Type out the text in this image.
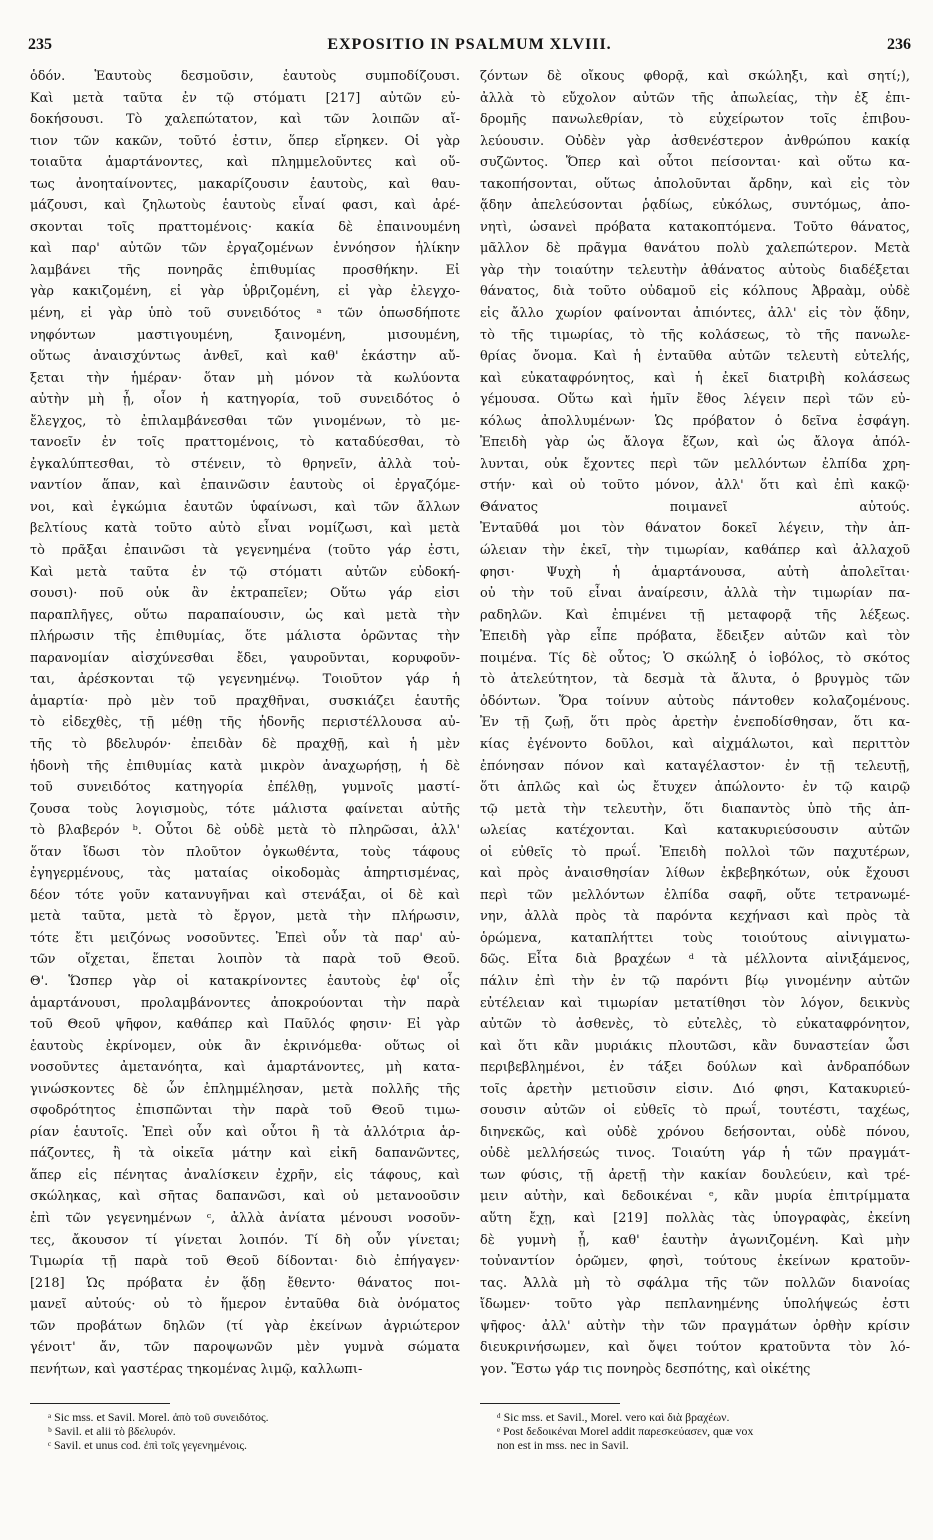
235	EXPOSITIO IN PSALMUM XLVIII.	236
ὁδόν. Ἑαυτοὺς δεσμοῦσιν, ἑαυτοὺς συμποδίζουσι.
Καὶ μετὰ ταῦτα ἐν τῷ στόματι [217] αὐτῶν εὐ-
δοκήσουσι. Τὸ χαλεπώτατον, καὶ τῶν λοιπῶν αἴ-
τιον τῶν κακῶν, τοῦτό ἐστιν, ὅπερ εἴρηκεν. Οἱ γὰρ
τοιαῦτα ἁμαρτάνοντες, καὶ πλημμελοῦντες καὶ οὕ-
τως ἀνοηταίνοντες, μακαρίζουσιν ἑαυτοὺς, καὶ θαυ-
μάζουσι, καὶ ζηλωτοὺς ἑαυτοὺς εἶναί φασι, καὶ ἀρέ-
σκονται τοῖς πραττομένοις· κακία δὲ ἐπαινουμένη
καὶ παρ' αὐτῶν τῶν ἐργαζομένων ἐννόησον ἡλίκην
λαμβάνει τῆς πονηρᾶς ἐπιθυμίας προσθήκην. Εἰ
γὰρ κακιζομένη, εἰ γὰρ ὑβριζομένη, εἰ γὰρ ἐλεγχο-
μένη, εἰ γὰρ ὑπὸ τοῦ συνειδότος ᵃ τῶν ὁπωσδήποτε
νηφόντων μαστιγουμένη, ξαινομένη, μισουμένη,
οὕτως ἀναισχύντως ἀνθεῖ, καὶ καθ' ἑκάστην αὔ-
ξεται τὴν ἡμέραν· ὅταν μὴ μόνον τὰ κωλύοντα
αὐτὴν μὴ ᾖ, οἷον ἡ κατηγορία, τοῦ συνειδότος ὁ
ἔλεγχος, τὸ ἐπιλαμβάνεσθαι τῶν γινομένων, τὸ με-
τανοεῖν ἐν τοῖς πραττομένοις, τὸ καταδύεσθαι, τὸ
ἐγκαλύπτεσθαι, τὸ στένειν, τὸ θρηνεῖν, ἀλλὰ τοὐ-
ναντίον ἅπαν, καὶ ἐπαινῶσιν ἑαυτοὺς οἱ ἐργαζόμε-
νοι, καὶ ἐγκώμια ἑαυτῶν ὑφαίνωσι, καὶ τῶν ἄλλων
βελτίους κατὰ τοῦτο αὐτὸ εἶναι νομίζωσι, καὶ μετὰ
τὸ πρᾶξαι ἐπαινῶσι τὰ γεγενημένα (τοῦτο γάρ ἐστι,
Καὶ μετὰ ταῦτα ἐν τῷ στόματι αὐτῶν εὐδοκή-
σουσι)· ποῦ οὐκ ἂν ἐκτραπεῖεν; Οὕτω γάρ εἰσι
παραπλῆγες, οὕτω παραπαίουσιν, ὡς καὶ μετὰ τὴν
πλήρωσιν τῆς ἐπιθυμίας, ὅτε μάλιστα ὁρῶντας τὴν
παρανομίαν αἰσχύνεσθαι ἔδει, γαυροῦνται, κορυφοῦν-
ται, ἀρέσκονται τῷ γεγενημένῳ. Τοιοῦτον γάρ ἡ
ἁμαρτία· πρὸ μὲν τοῦ πραχθῆναι, συσκιάζει ἑαυτῆς
τὸ εἰδεχθὲς, τῇ μέθῃ τῆς ἡδονῆς περιστέλλουσα αὐ-
τῆς τὸ βδελυρόν· ἐπειδὰν δὲ πραχθῇ, καὶ ἡ μὲν
ἡδονὴ τῆς ἐπιθυμίας κατὰ μικρὸν ἀναχωρήσῃ, ἡ δὲ
τοῦ συνειδότος κατηγορία ἐπέλθῃ, γυμνοῖς μαστί-
ζουσα τοὺς λογισμοὺς, τότε μάλιστα φαίνεται αὐτῆς
τὸ βλαβερόν ᵇ. Οὗτοι δὲ οὐδὲ μετὰ τὸ πληρῶσαι, ἀλλ'
ὅταν ἴδωσι τὸν πλοῦτον ὀγκωθέντα, τοὺς τάφους
ἐγηγερμένους, τὰς ματαίας οἰκοδομὰς ἀπηρτισμένας,
δέον τότε γοῦν κατανυγῆναι καὶ στενάξαι, οἱ δὲ καὶ
μετὰ ταῦτα, μετὰ τὸ ἔργον, μετὰ τὴν πλήρωσιν,
τότε ἔτι μειζόνως νοσοῦντες. Ἐπεὶ οὖν τὰ παρ' αὐ-
τῶν οἴχεται, ἕπεται λοιπὸν τὰ παρὰ τοῦ Θεοῦ.
Θ'. Ὥσπερ γὰρ οἱ κατακρίνοντες ἑαυτοὺς ἐφ' οἷς
ἁμαρτάνουσι, προλαμβάνοντες ἀποκρούονται τὴν παρὰ
τοῦ Θεοῦ ψῆφον, καθάπερ καὶ Παῦλός φησιν· Εἰ γὰρ
ἑαυτοὺς ἐκρίνομεν, οὐκ ἂν ἐκρινόμεθα· οὕτως οἱ
νοσοῦντες ἀμετανόητα, καὶ ἁμαρτάνοντες, μὴ κατα-
γινώσκοντες δὲ ὧν ἐπλημμέλησαν, μετὰ πολλῆς τῆς
σφοδρότητος ἐπισπῶνται τὴν παρὰ τοῦ Θεοῦ τιμω-
ρίαν ἑαυτοῖς. Ἐπεὶ οὖν καὶ οὗτοι ἢ τὰ ἀλλότρια ἁρ-
πάζοντες, ἢ τὰ οἰκεῖα μάτην καὶ εἰκῆ δαπανῶντες,
ἅπερ εἰς πένητας ἀναλίσκειν ἐχρῆν, εἰς τάφους, καὶ
σκώληκας, καὶ σῆτας δαπανῶσι, καὶ οὐ μετανοοῦσιν
ἐπὶ τῶν γεγενημένων ᶜ, ἀλλὰ ἀνίατα μένουσι νοσοῦν-
τες, ἄκουσον τί γίνεται λοιπόν. Τί δὴ οὖν γίνεται;
Τιμωρία τῇ παρὰ τοῦ Θεοῦ δίδονται· διὸ ἐπήγαγεν·
[218] Ὡς πρόβατα ἐν ᾅδῃ ἔθεντο· θάνατος ποι-
μανεῖ αὐτούς· οὐ τὸ ἥμερον ἐνταῦθα διὰ ὀνόματος
τῶν προβάτων δηλῶν (τί γὰρ ἐκείνων ἀγριώτερον
γένοιτ' ἄν, τῶν παροψωνῶν μὲν γυμνὰ σώματα
πενήτων, καὶ γαστέρας τηκομένας λιμῷ, καλλωπι-
ζόντων δὲ οἴκους φθορᾷ, καὶ σκώληξι, καὶ σητί;),
ἀλλὰ τὸ εὔχολον αὐτῶν τῆς ἀπωλείας, τὴν ἐξ ἐπι-
δρομῆς πανωλεθρίαν, τὸ εὐχείρωτον τοῖς ἐπιβου-
λεύουσιν. Οὐδὲν γὰρ ἀσθενέστερον ἀνθρώπου κακίᾳ
συζῶντος. Ὅπερ καὶ οὗτοι πείσονται· καὶ οὕτω κα-
τακοπήσονται, οὕτως ἀπολοῦνται ἄρδην, καὶ εἰς τὸν
ᾅδην ἀπελεύσονται ῥᾳδίως, εὐκόλως, συντόμως, ἀπο-
νητὶ, ὡσανεὶ πρόβατα κατακοπτόμενα. Τοῦτο θάνατος,
μᾶλλον δὲ πρᾶγμα θανάτου πολὺ χαλεπώτερον. Μετὰ
γὰρ τὴν τοιαύτην τελευτὴν ἀθάνατος αὐτοὺς διαδέξεται
θάνατος, διὰ τοῦτο οὐδαμοῦ εἰς κόλπους Ἀβραὰμ, οὐδὲ
εἰς ἄλλο χωρίον φαίνονται ἀπιόντες, ἀλλ' εἰς τὸν ᾅδην,
τὸ τῆς τιμωρίας, τὸ τῆς κολάσεως, τὸ τῆς πανωλε-
θρίας ὄνομα. Καὶ ἡ ἐνταῦθα αὐτῶν τελευτὴ εὐτελής,
καὶ εὐκαταφρόνητος, καὶ ἡ ἐκεῖ διατριβὴ κολάσεως
γέμουσα. Οὕτω καὶ ἡμῖν ἔθος λέγειν περὶ τῶν εὐ-
κόλως ἀπολλυμένων· Ὡς πρόβατον ὁ δεῖνα ἐσφάγη.
Ἐπειδὴ γὰρ ὡς ἄλογα ἔζων, καὶ ὡς ἄλογα ἀπόλ-
λυνται, οὐκ ἔχοντες περὶ τῶν μελλόντων ἐλπίδα χρη-
στήν· καὶ οὐ τοῦτο μόνον, ἀλλ' ὅτι καὶ ἐπὶ κακῷ·
Θάνατος ποιμανεῖ αὐτούς.
Ἐνταῦθά μοι τὸν θάνατον δοκεῖ λέγειν, τὴν ἀπ-
ώλειαν τὴν ἐκεῖ, τὴν τιμωρίαν, καθάπερ καὶ ἀλλαχοῦ
φησι· Ψυχὴ ἡ ἁμαρτάνουσα, αὐτὴ ἀπολεῖται·
οὐ τὴν τοῦ εἶναι ἀναίρεσιν, ἀλλὰ τὴν τιμωρίαν πα-
ραδηλῶν. Καὶ ἐπιμένει τῇ μεταφορᾷ τῆς λέξεως.
Ἐπειδὴ γὰρ εἶπε πρόβατα, ἔδειξεν αὐτῶν καὶ τὸν
ποιμένα. Τίς δὲ οὗτος; Ὁ σκώληξ ὁ ἰοβόλος, τὸ σκότος
τὸ ἀτελεύτητον, τὰ δεσμὰ τὰ ἄλυτα, ὁ βρυγμὸς τῶν
ὀδόντων. Ὅρα τοίνυν αὐτοὺς πάντοθεν κολαζομένους.
Ἐν τῇ ζωῇ, ὅτι πρὸς ἀρετὴν ἐνεποδίσθησαν, ὅτι κα-
κίας ἐγένοντο δοῦλοι, καὶ αἰχμάλωτοι, καὶ περιττὸν
ἐπόνησαν πόνον καὶ καταγέλαστον· ἐν τῇ τελευτῇ,
ὅτι ἁπλῶς καὶ ὡς ἔτυχεν ἀπώλοντο· ἐν τῷ καιρῷ
τῷ μετὰ τὴν τελευτὴν, ὅτι διαπαντὸς ὑπὸ τῆς ἀπ-
ωλείας κατέχονται. Καὶ κατακυριεύσουσιν αὐτῶν
οἱ εὐθεῖς τὸ πρωΐ. Ἐπειδὴ πολλοὶ τῶν παχυτέρων,
καὶ πρὸς ἀναισθησίαν λίθων ἐκβεβηκότων, οὐκ ἔχουσι
περὶ τῶν μελλόντων ἐλπίδα σαφῆ, οὔτε τετρανωμέ-
νην, ἀλλὰ πρὸς τὰ παρόντα κεχήνασι καὶ πρὸς τὰ
ὁρώμενα, καταπλήττει τοὺς τοιούτους αἰνιγματω-
δῶς. Εἶτα διὰ βραχέων ᵈ τὰ μέλλοντα αἰνιξάμενος,
πάλιν ἐπὶ τὴν ἐν τῷ παρόντι βίῳ γινομένην αὐτῶν
εὐτέλειαν καὶ τιμωρίαν μετατίθησι τὸν λόγον, δεικνὺς
αὐτῶν τὸ ἀσθενὲς, τὸ εὐτελὲς, τὸ εὐκαταφρόνητον,
καὶ ὅτι κἂν μυριάκις πλουτῶσι, κἂν δυναστείαν ὦσι
περιβεβλημένοι, ἐν τάξει δούλων καὶ ἀνδραπόδων
τοῖς ἀρετὴν μετιοῦσιν εἰσιν. Διό φησι, Κατακυριεύ-
σουσιν αὐτῶν οἱ εὐθεῖς τὸ πρωΐ, τουτέστι, ταχέως,
διηνεκῶς, καὶ οὐδὲ χρόνου δεήσονται, οὐδὲ πόνου,
οὐδὲ μελλήσεώς τινος. Τοιαύτη γάρ ἡ τῶν πραγμάτ-
των φύσις, τῇ ἀρετῇ τὴν κακίαν δουλεύειν, καὶ τρέ-
μειν αὐτὴν, καὶ δεδοικέναι ᵉ, κἂν μυρία ἐπιτρίμματα
αὕτη ἔχῃ, καὶ [219] πολλὰς τὰς ὑπογραφὰς, ἐκείνη
δὲ γυμνὴ ᾖ, καθ' ἑαυτὴν ἀγωνιζομένη. Καὶ μὴν
τοὐναντίον ὁρῶμεν, φησὶ, τούτους ἐκείνων κρατοῦν-
τας. Ἀλλὰ μὴ τὸ σφάλμα τῆς τῶν πολλῶν διανοίας
ἴδωμεν· τοῦτο γὰρ πεπλανημένης ὑπολήψεώς ἐστι
ψῆφος· ἀλλ' αὐτὴν τὴν τῶν πραγμάτων ὀρθὴν κρίσιν
διευκρινήσωμεν, καὶ ὄψει τούτον κρατοῦντα τὸν λό-
γον. Ἔστω γάρ τις πονηρὸς δεσπότης, καὶ οἰκέτης
ᵃ Sic mss. et Savil. Morel. ἀπὸ τοῦ συνειδότος.
ᵇ Savil. et alii τὸ βδελυρόν.
ᶜ Savil. et unus cod. ἐπὶ τοῖς γεγενημένοις.
ᵈ Sic mss. et Savil., Morel. vero καὶ διὰ βραχέων.
ᵉ Post δεδοικέναι Morel addit παρεσκεύασεν, quæ vox
non est in mss. nec in Savil.
